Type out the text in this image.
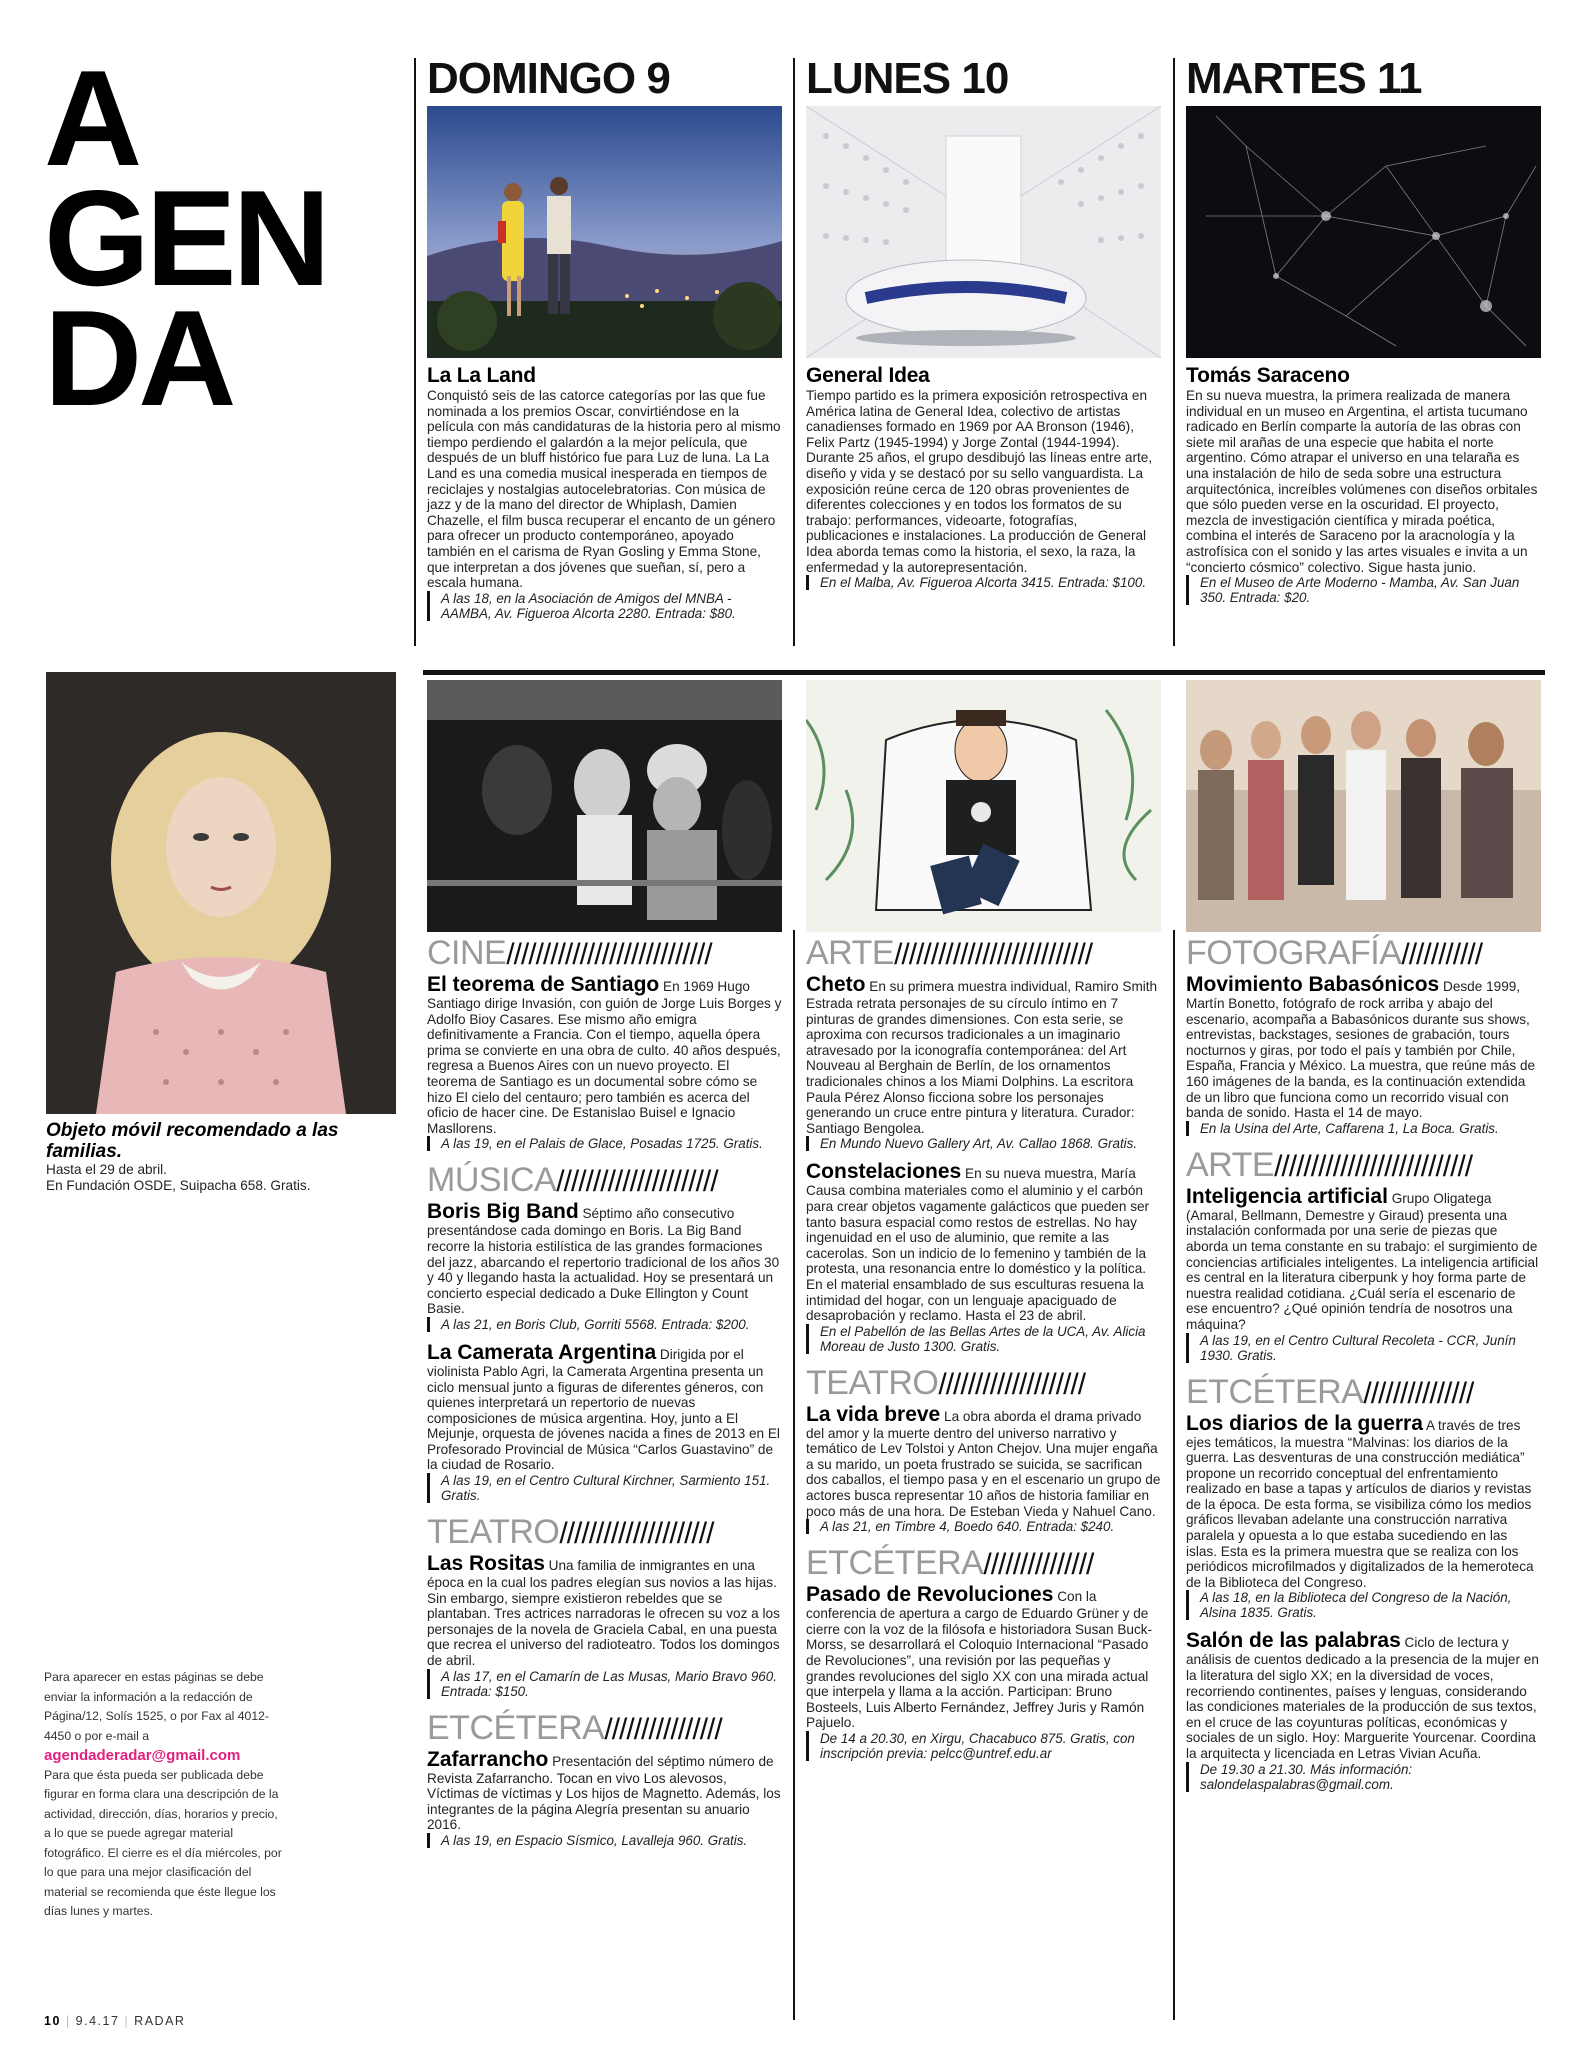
A
GEN
DA
DOMINGO 9	LUNES 10	MARTES 11
La La Land

Conquistó seis de las catorce categorías por las que fue nominada a los premios Oscar, convirtiéndose en la película con más candidaturas de la historia pero al mismo tiempo perdiendo el galardón a la mejor película, que después de un bluff histórico fue para Luz de luna. La La Land es una comedia musical inesperada en tiempos de reciclajes y nostalgias autocelebratorias. Con música de jazz y de la mano del director de Whiplash, Damien Chazelle, el film busca recuperar el encanto de un género para ofrecer un producto contemporáneo, apoyado también en el carisma de Ryan Gosling y Emma Stone, que interpretan a dos jóvenes que sueñan, sí, pero a escala humana.

A las 18, en la Asociación de Amigos del MNBA - AAMBA, Av. Figueroa Alcorta 2280. Entrada: $80.

General Idea

Tiempo partido es la primera exposición retrospectiva en América latina de General Idea, colectivo de artistas canadienses formado en 1969 por AA Bronson (1946), Felix Partz (1945-1994) y Jorge Zontal (1944-1994). Durante 25 años, el grupo desdibujó las líneas entre arte, diseño y vida y se destacó por su sello vanguardista. La exposición reúne cerca de 120 obras provenientes de diferentes colecciones y en todos los formatos de su trabajo: performances, videoarte, fotografías, publicaciones e instalaciones. La producción de General Idea aborda temas como la historia, el sexo, la raza, la enfermedad y la autorepresentación.

En el Malba, Av. Figueroa Alcorta 3415. Entrada: $100.

Tomás Saraceno

En su nueva muestra, la primera realizada de manera individual en un museo en Argentina, el artista tucumano radicado en Berlín comparte la autoría de las obras con siete mil arañas de una especie que habita el norte argentino. Cómo atrapar el universo en una telaraña es una instalación de hilo de seda sobre una estructura arquitectónica, increíbles volúmenes con diseños orbitales que sólo pueden verse en la oscuridad. El proyecto, mezcla de investigación científica y mirada poética, combina el interés de Saraceno por la aracnología y la astrofísica con el sonido y las artes visuales e invita a un “concierto cósmico” colectivo. Sigue hasta junio.

En el Museo de Arte Moderno - Mamba, Av. San Juan 350. Entrada: $20.

Objeto móvil recomendado a las familias.

Hasta el 29 de abril.

En Fundación OSDE, Suipacha 658. Gratis.

Para aparecer en estas páginas se debe enviar la información a la redacción de Página/12, Solís 1525, o por Fax al 4012-4450 o por e-mail a
agendaderadar@gmail.com
Para que ésta pueda ser publicada debe figurar en forma clara una descripción de la actividad, dirección, días, horarios y precio, a lo que se puede agregar material fotográfico. El cierre es el día miércoles, por lo que para una mejor clasificación del material se recomienda que éste llegue los días lunes y martes.
CINE////////////////////////////

El teorema de Santiago En 1969 Hugo Santiago dirige Invasión, con guión de Jorge Luis Borges y Adolfo Bioy Casares. Ese mismo año emigra definitivamente a Francia. Con el tiempo, aquella ópera prima se convierte en una obra de culto. 40 años después, regresa a Buenos Aires con un nuevo proyecto. El teorema de Santiago es un documental sobre cómo se hizo El cielo del centauro; pero también es acerca del oficio de hacer cine. De Estanislao Buisel e Ignacio Masllorens.

A las 19, en el Palais de Glace, Posadas 1725. Gratis.

MÚSICA//////////////////////

Boris Big Band Séptimo año consecutivo presentándose cada domingo en Boris. La Big Band recorre la historia estilística de las grandes formaciones del jazz, abarcando el repertorio tradicional de los años 30 y 40 y llegando hasta la actualidad. Hoy se presentará un concierto especial dedicado a Duke Ellington y Count Basie.

A las 21, en Boris Club, Gorriti 5568. Entrada: $200.

La Camerata Argentina Dirigida por el violinista Pablo Agri, la Camerata Argentina presenta un ciclo mensual junto a figuras de diferentes géneros, con quienes interpretará un repertorio de nuevas composiciones de música argentina. Hoy, junto a El Mejunje, orquesta de jóvenes nacida a fines de 2013 en El Profesorado Provincial de Música “Carlos Guastavino” de la ciudad de Rosario.

A las 19, en el Centro Cultural Kirchner, Sarmiento 151. Gratis.

TEATRO/////////////////////

Las Rositas Una familia de inmigrantes en una época en la cual los padres elegían sus novios a las hijas. Sin embargo, siempre existieron rebeldes que se plantaban. Tres actrices narradoras le ofrecen su voz a los personajes de la novela de Graciela Cabal, en una puesta que recrea el universo del radioteatro. Todos los domingos de abril.

A las 17, en el Camarín de Las Musas, Mario Bravo 960. Entrada: $150.

ETCÉTERA////////////////

Zafarrancho Presentación del séptimo número de Revista Zafarrancho. Tocan en vivo Los alevosos, Víctimas de víctimas y Los hijos de Magnetto. Además, los integrantes de la página Alegría presentan su anuario 2016.

A las 19, en Espacio Sísmico, Lavalleja 960. Gratis.

ARTE///////////////////////////

Cheto En su primera muestra individual, Ramiro Smith Estrada retrata personajes de su círculo íntimo en 7 pinturas de grandes dimensiones. Con esta serie, se aproxima con recursos tradicionales a un imaginario atravesado por la iconografía contemporánea: del Art Nouveau al Berghain de Berlín, de los ornamentos tradicionales chinos a los Miami Dolphins. La escritora Paula Pérez Alonso ficciona sobre los personajes generando un cruce entre pintura y literatura. Curador: Santiago Bengolea.

En Mundo Nuevo Gallery Art, Av. Callao 1868. Gratis.

Constelaciones En su nueva muestra, María Causa combina materiales como el aluminio y el carbón para crear objetos vagamente galácticos que pueden ser tanto basura espacial como restos de estrellas. No hay ingenuidad en el uso de aluminio, que remite a las cacerolas. Son un indicio de lo femenino y también de la protesta, una resonancia entre lo doméstico y la política. En el material ensamblado de sus esculturas resuena la intimidad del hogar, con un lenguaje apaciguado de desaprobación y reclamo. Hasta el 23 de abril.

En el Pabellón de las Bellas Artes de la UCA, Av. Alicia Moreau de Justo 1300. Gratis.

TEATRO////////////////////

La vida breve La obra aborda el drama privado del amor y la muerte dentro del universo narrativo y temático de Lev Tolstoi y Anton Chejov. Una mujer engaña a su marido, un poeta frustrado se suicida, se sacrifican dos caballos, el tiempo pasa y en el escenario un grupo de actores busca representar 10 años de historia familiar en poco más de una hora. De Esteban Vieda y Nahuel Cano.

A las 21, en Timbre 4, Boedo 640. Entrada: $240.

ETCÉTERA///////////////

Pasado de Revoluciones Con la conferencia de apertura a cargo de Eduardo Grüner y de cierre con la voz de la filósofa e historiadora Susan Buck-Morss, se desarrollará el Coloquio Internacional “Pasado de Revoluciones”, una revisión por las pequeñas y grandes revoluciones del siglo XX con una mirada actual que interpela y llama a la acción. Participan: Bruno Bosteels, Luis Alberto Fernández, Jeffrey Juris y Ramón Pajuelo.

De 14 a 20.30, en Xirgu, Chacabuco 875. Gratis, con inscripción previa: pelcc@untref.edu.ar

FOTOGRAFÍA///////////

Movimiento Babasónicos Desde 1999, Martín Bonetto, fotógrafo de rock arriba y abajo del escenario, acompaña a Babasónicos durante sus shows, entrevistas, backstages, sesiones de grabación, tours nocturnos y giras, por todo el país y también por Chile, España, Francia y México. La muestra, que reúne más de 160 imágenes de la banda, es la continuación extendida de un libro que funciona como un recorrido visual con banda de sonido. Hasta el 14 de mayo.

En la Usina del Arte, Caffarena 1, La Boca. Gratis.

ARTE///////////////////////////

Inteligencia artificial Grupo Oligatega (Amaral, Bellmann, Demestre y Giraud) presenta una instalación conformada por una serie de piezas que aborda un tema constante en su trabajo: el surgimiento de conciencias artificiales inteligentes. La inteligencia artificial es central en la literatura ciberpunk y hoy forma parte de nuestra realidad cotidiana. ¿Cuál sería el escenario de ese encuentro? ¿Qué opinión tendría de nosotros una máquina?

A las 19, en el Centro Cultural Recoleta - CCR, Junín 1930. Gratis.

ETCÉTERA///////////////

Los diarios de la guerra A través de tres ejes temáticos, la muestra “Malvinas: los diarios de la guerra. Las desventuras de una construcción mediática” propone un recorrido conceptual del enfrentamiento realizado en base a tapas y artículos de diarios y revistas de la época. De esta forma, se visibiliza cómo los medios gráficos llevaban adelante una construcción narrativa paralela y opuesta a lo que estaba sucediendo en las islas. Esta es la primera muestra que se realiza con los periódicos microfilmados y digitalizados de la hemeroteca de la Biblioteca del Congreso.

A las 18, en la Biblioteca del Congreso de la Nación, Alsina 1835. Gratis.

Salón de las palabras Ciclo de lectura y análisis de cuentos dedicado a la presencia de la mujer en la literatura del siglo XX; en la diversidad de voces, recorriendo continentes, países y lenguas, considerando las condiciones materiales de la producción de sus textos, en el cruce de las coyunturas políticas, económicas y sociales de un siglo. Hoy: Marguerite Yourcenar. Coordina la arquitecta y licenciada en Letras Vivian Acuña.

De 19.30 a 21.30. Más información: salondelaspalabras@gmail.com.

10 | 9.4.17 | RADAR
